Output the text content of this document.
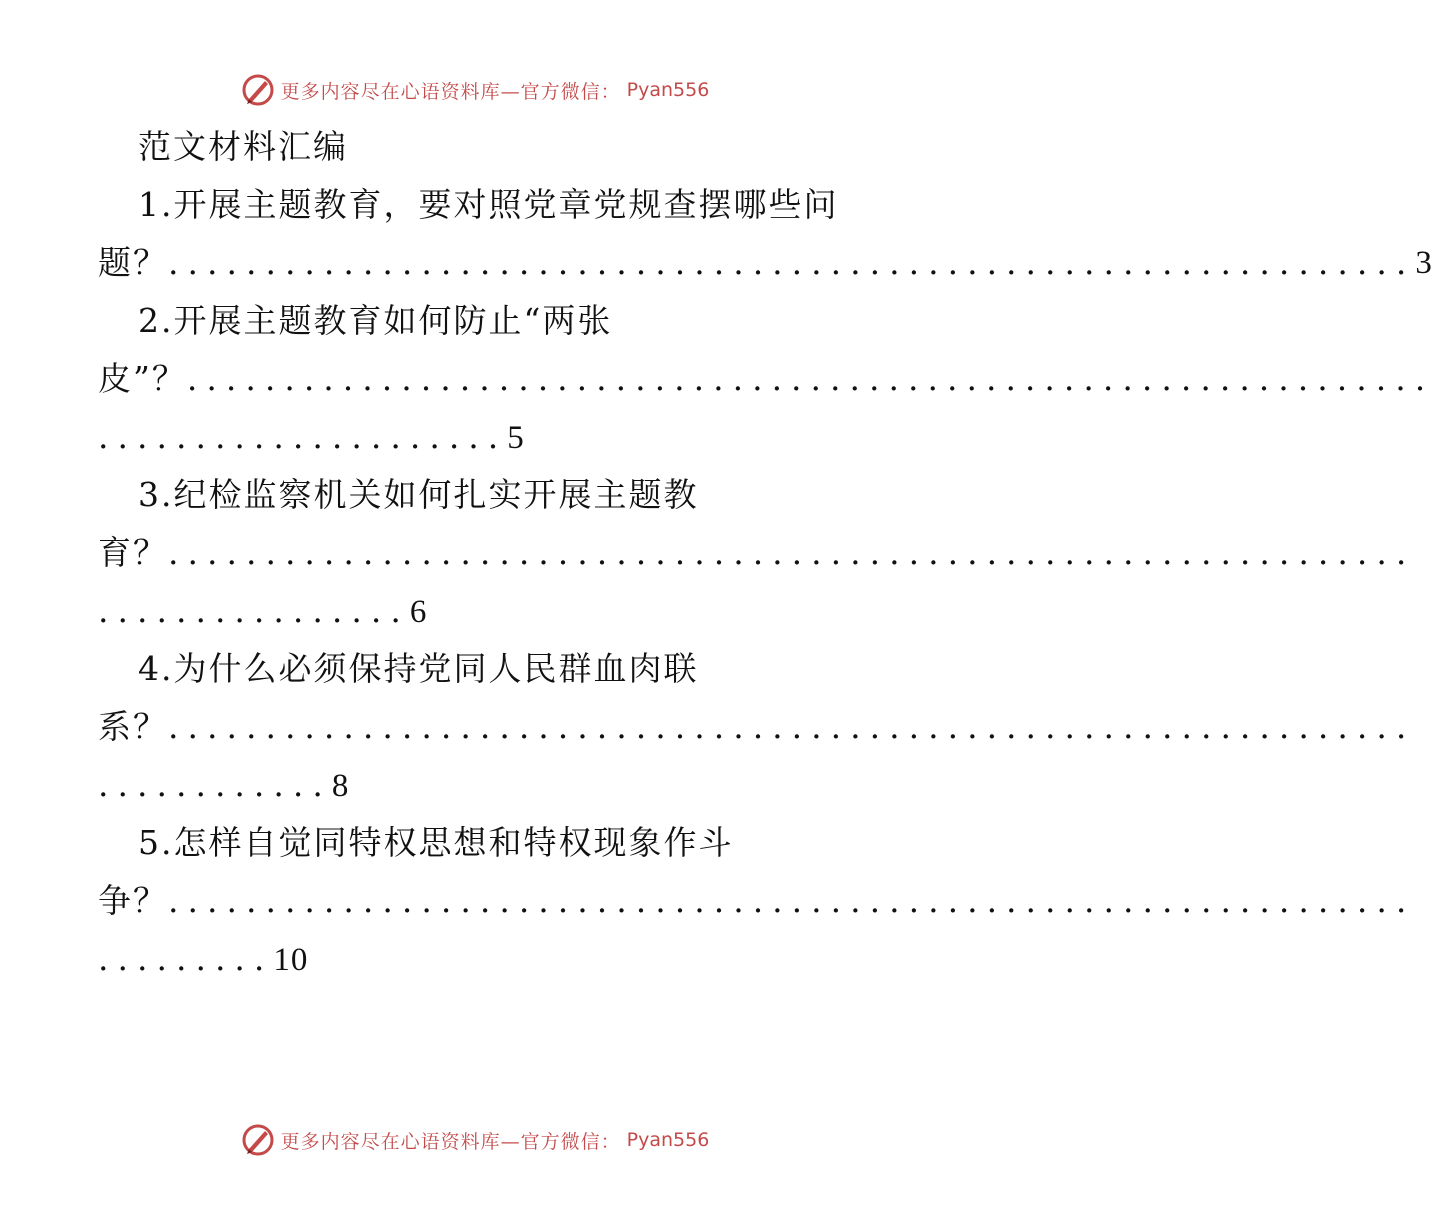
更多内容尽在心语资料库—官方微信： Pyan556
范文材料汇编
1.开展主题教育，要对照党章党规查摆哪些问
题？ ................................................................ 3
2.开展主题教育如何防止“两张
皮”？ ................................................................
.....................5
3.纪检监察机关如何扎实开展主题教
育？ ................................................................
................6
4.为什么必须保持党同人民群血肉联
系？ ................................................................
............8
5.怎样自觉同特权思想和特权现象作斗
争？ ................................................................
.........10
更多内容尽在心语资料库—官方微信： Pyan556
